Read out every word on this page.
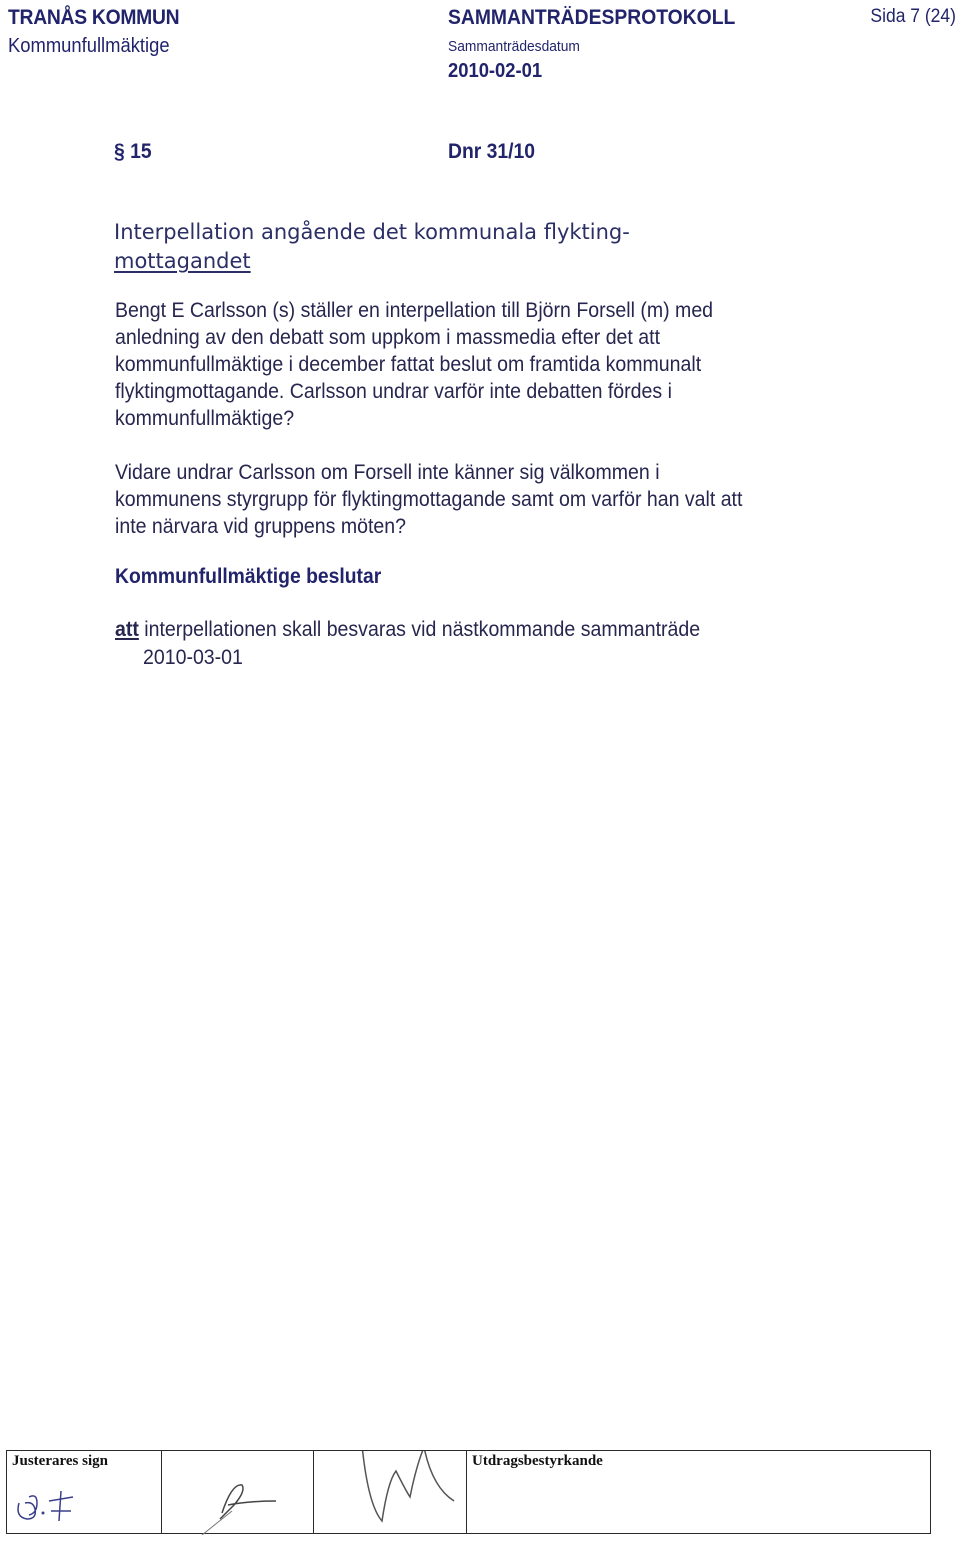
TRANÅS KOMMUN
Kommunfullmäktige
SAMMANTRÄDESPROTOKOLL
Sammanträdesdatum
2010-02-01
Sida 7 (24)
§ 15	Dnr 31/10
Interpellation angående det kommunala flykting-
mottagandet
Bengt E Carlsson (s) ställer en interpellation till Björn Forsell (m) med anledning av den debatt som uppkom i massmedia efter det att kommunfullmäktige i december fattat beslut om framtida kommunalt flyktingmottagande. Carlsson undrar varför inte debatten fördes i kommunfullmäktige?
Vidare undrar Carlsson om Forsell inte känner sig välkommen i kommunens styrgrupp för flyktingmottagande samt om varför han valt att inte närvara vid gruppens möten?
Kommunfullmäktige beslutar
att interpellationen skall besvaras vid nästkommande sammanträde
2010-03-01
Justerares sign	Utdragsbestyrkande
